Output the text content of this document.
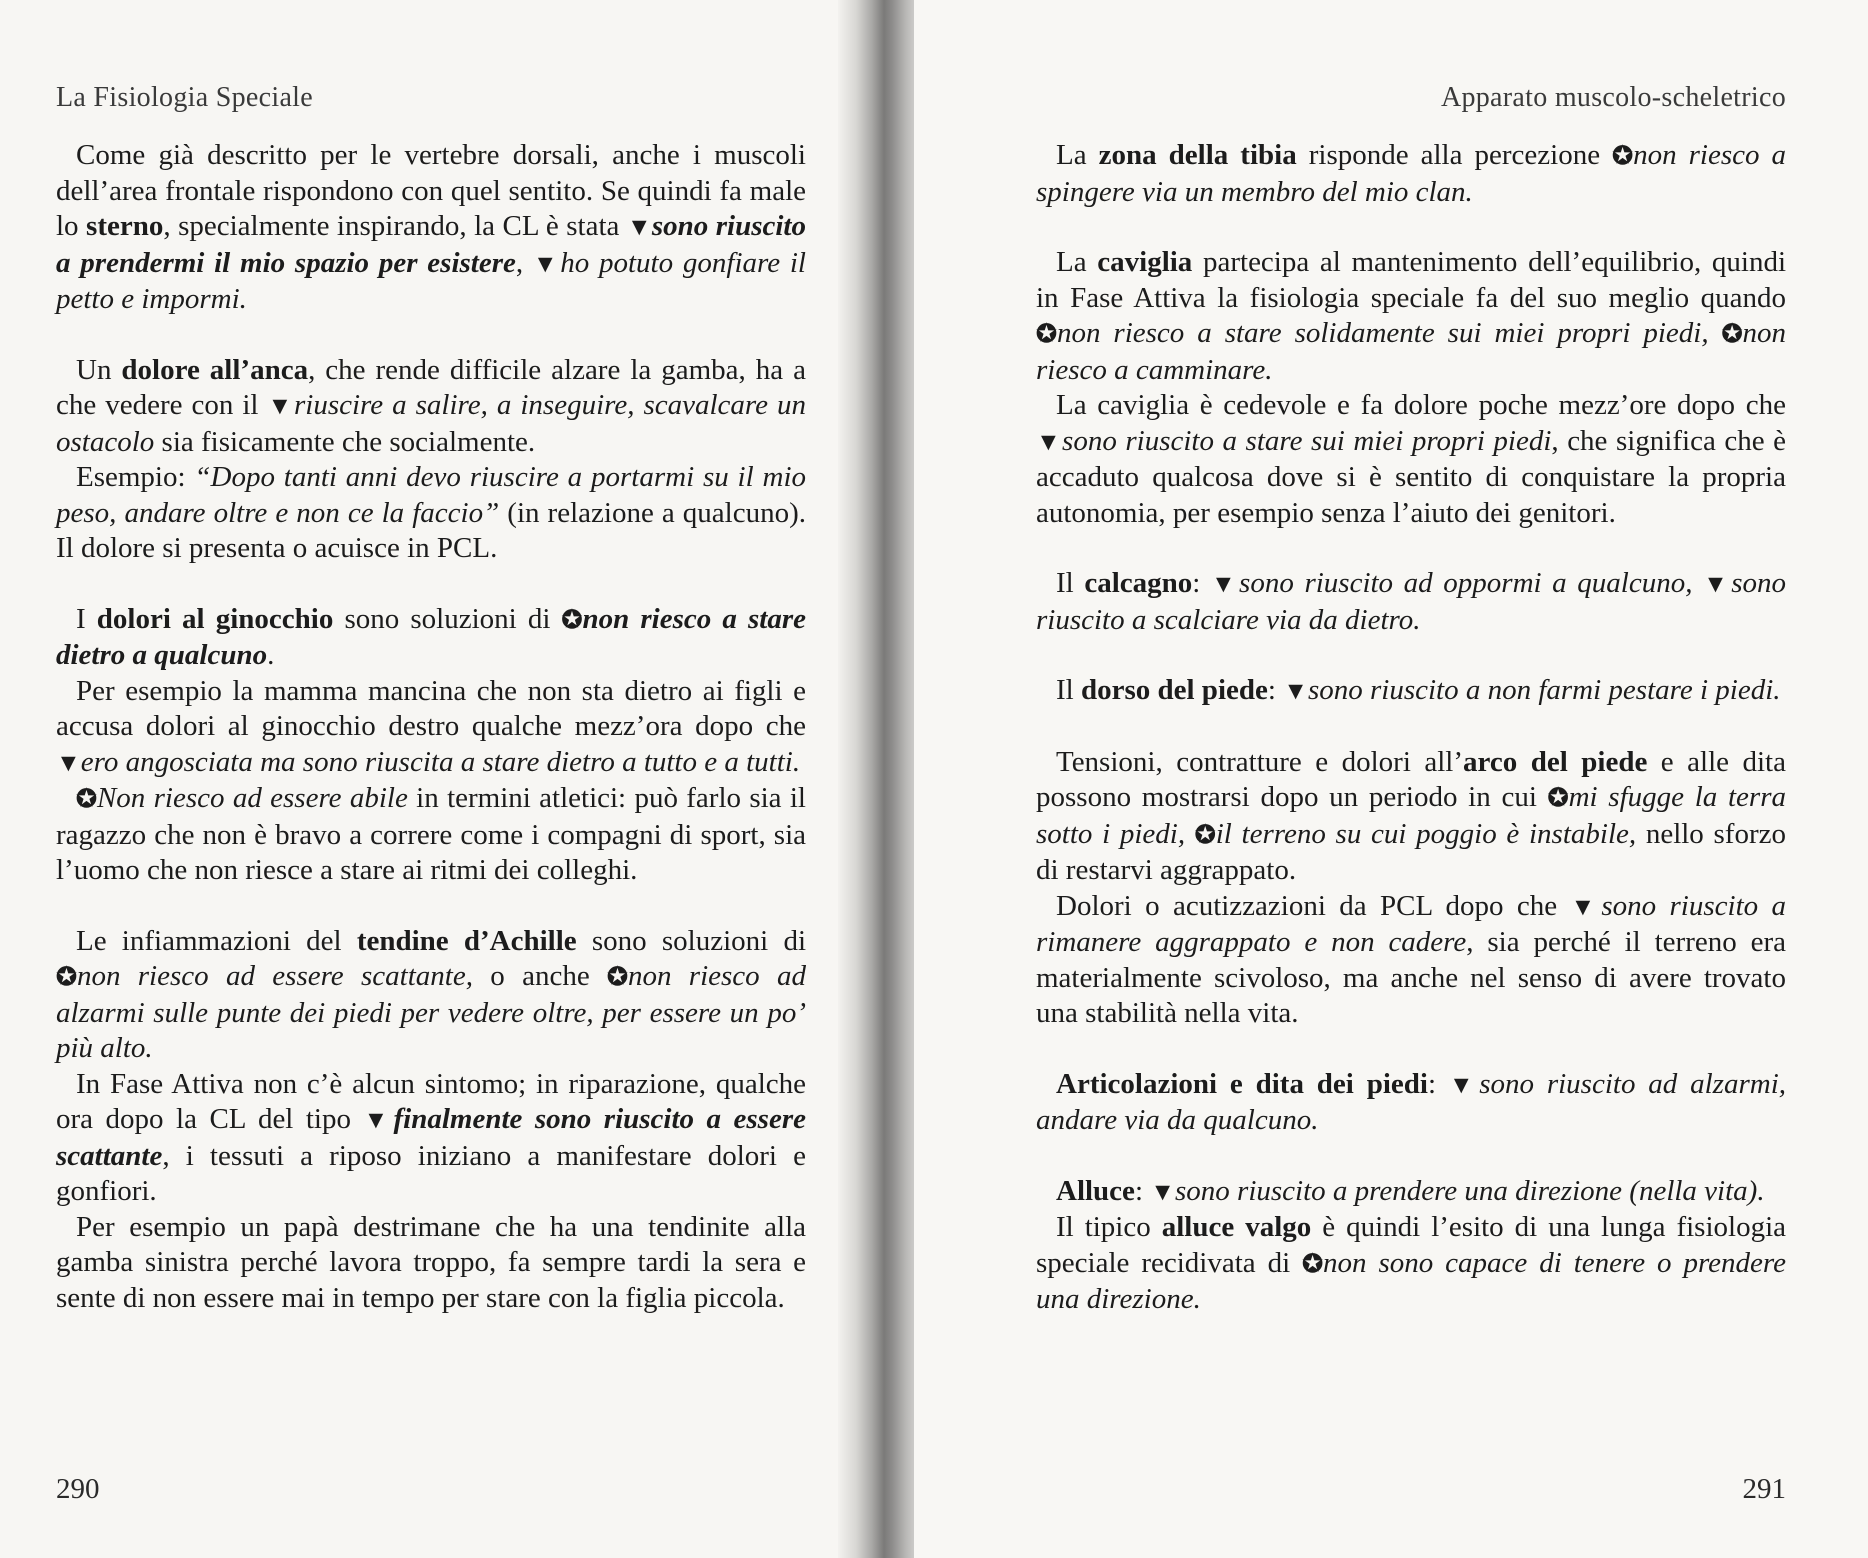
La Fisiologia Speciale

Come già descritto per le vertebre dorsali, anche i muscoli dell’area frontale rispondono con quel sentito. Se quindi fa male lo sterno, specialmente inspirando, la CL è stata ▼sono riuscito a prendermi il mio spazio per esistere, ▼ho potuto gonfiare il petto e impormi.

Un dolore all’anca, che rende difficile alzare la gamba, ha a che vedere con il ▼riuscire a salire, a inseguire, scavalcare un ostacolo sia fisicamente che socialmente.

Esempio: “Dopo tanti anni devo riuscire a portarmi su il mio peso, andare oltre e non ce la faccio” (in relazione a qualcuno). Il dolore si presenta o acuisce in PCL.

I dolori al ginocchio sono soluzioni di ✪non riesco a stare dietro a qualcuno.

Per esempio la mamma mancina che non sta dietro ai figli e accusa dolori al ginocchio destro qualche mezz’ora dopo che ▼ero angosciata ma sono riuscita a stare dietro a tutto e a tutti.

✪Non riesco ad essere abile in termini atletici: può farlo sia il ragazzo che non è bravo a correre come i compagni di sport, sia l’uomo che non riesce a stare ai ritmi dei colleghi.

Le infiammazioni del tendine d’Achille sono soluzioni di ✪non riesco ad essere scattante, o anche ✪non riesco ad alzarmi sulle punte dei piedi per vedere oltre, per essere un po’ più alto.

In Fase Attiva non c’è alcun sintomo; in riparazione, qualche ora dopo la CL del tipo ▼finalmente sono riuscito a essere scattante, i tessuti a riposo iniziano a manifestare dolori e gonfiori.

Per esempio un papà destrimane che ha una tendinite alla gamba sinistra perché lavora troppo, fa sempre tardi la sera e sente di non essere mai in tempo per stare con la figlia piccola.

290
Apparato muscolo-scheletrico

La zona della tibia risponde alla percezione ✪non riesco a spingere via un membro del mio clan.

La caviglia partecipa al mantenimento dell’equilibrio, quindi in Fase Attiva la fisiologia speciale fa del suo meglio quando ✪non riesco a stare solidamente sui miei propri piedi, ✪non riesco a camminare.

La caviglia è cedevole e fa dolore poche mezz’ore dopo che ▼sono riuscito a stare sui miei propri piedi, che significa che è accaduto qualcosa dove si è sentito di conquistare la propria autonomia, per esempio senza l’aiuto dei genitori.

Il calcagno: ▼sono riuscito ad oppormi a qualcuno, ▼sono riuscito a scalciare via da dietro.

Il dorso del piede: ▼sono riuscito a non farmi pestare i piedi.

Tensioni, contratture e dolori all’arco del piede e alle dita possono mostrarsi dopo un periodo in cui ✪mi sfugge la terra sotto i piedi, ✪il terreno su cui poggio è instabile, nello sforzo di restarvi aggrappato.

Dolori o acutizzazioni da PCL dopo che ▼sono riuscito a rimanere aggrappato e non cadere, sia perché il terreno era materialmente scivoloso, ma anche nel senso di avere trovato una stabilità nella vita.

Articolazioni e dita dei piedi: ▼sono riuscito ad alzarmi, andare via da qualcuno.

Alluce: ▼sono riuscito a prendere una direzione (nella vita).

Il tipico alluce valgo è quindi l’esito di una lunga fisiologia speciale recidivata di ✪non sono capace di tenere o prendere una direzione.

291
